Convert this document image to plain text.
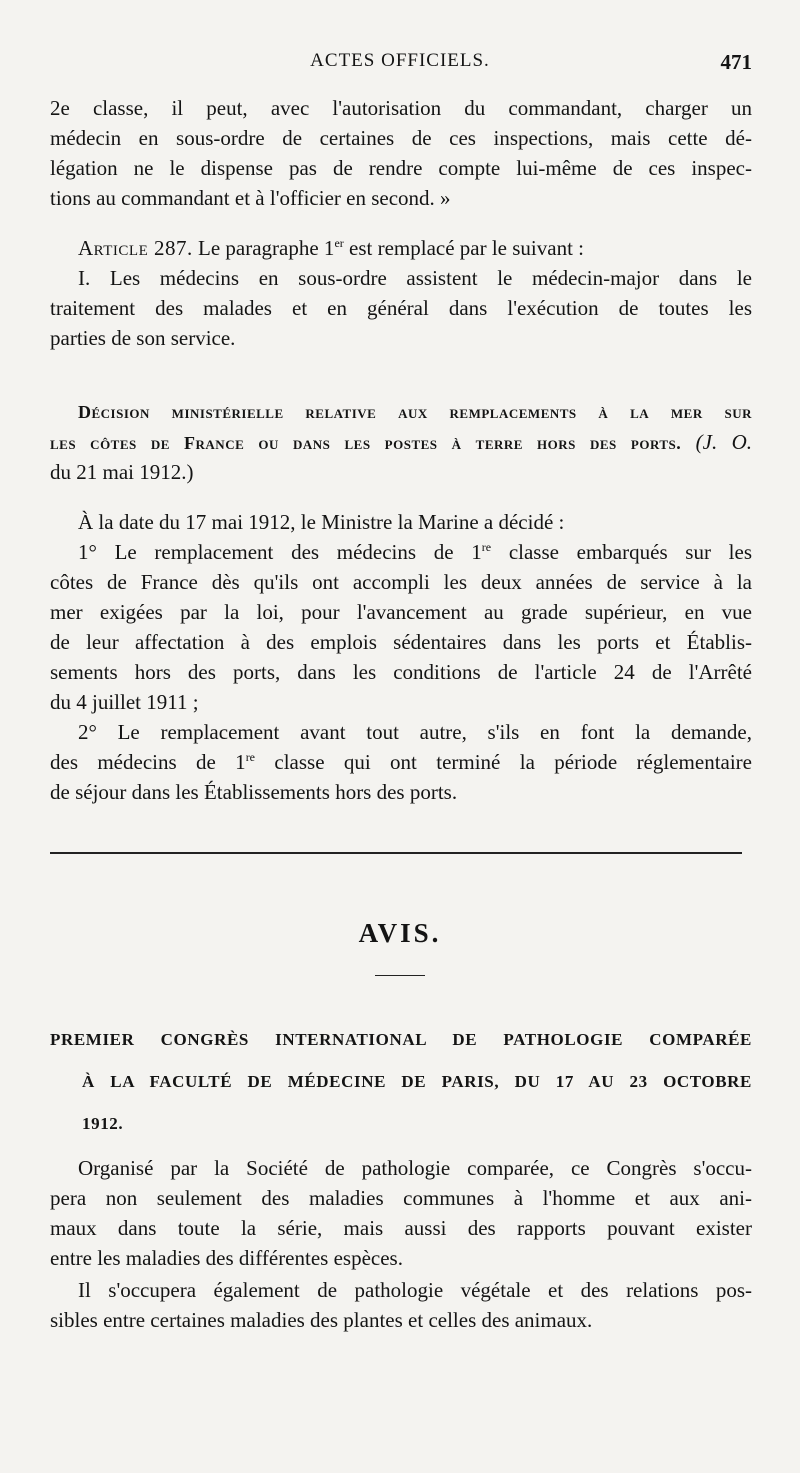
ACTES OFFICIELS.	471
2e classe, il peut, avec l'autorisation du commandant, charger un
médecin en sous-ordre de certaines de ces inspections, mais cette dé-
légation ne le dispense pas de rendre compte lui-même de ces inspec-
tions au commandant et à l'officier en second. »
Article 287. Le paragraphe 1er est remplacé par le suivant :
I. Les médecins en sous-ordre assistent le médecin-major dans le
traitement des malades et en général dans l'exécution de toutes les
parties de son service.
Décision ministérielle relative aux remplacements à la mer sur
les côtes de France ou dans les postes à terre hors des ports. (J. O.
du 21 mai 1912.)
À la date du 17 mai 1912, le Ministre la Marine a décidé :
1° Le remplacement des médecins de 1re classe embarqués sur les
côtes de France dès qu'ils ont accompli les deux années de service à la
mer exigées par la loi, pour l'avancement au grade supérieur, en vue
de leur affectation à des emplois sédentaires dans les ports et Établis-
sements hors des ports, dans les conditions de l'article 24 de l'Arrêté
du 4 juillet 1911 ;
2° Le remplacement avant tout autre, s'ils en font la demande,
des médecins de 1re classe qui ont terminé la période réglementaire
de séjour dans les Établissements hors des ports.
AVIS.
PREMIER CONGRÈS INTERNATIONAL DE PATHOLOGIE COMPARÉE
À LA FACULTÉ DE MÉDECINE DE PARIS, DU 17 AU 23 OCTOBRE
1912.
Organisé par la Société de pathologie comparée, ce Congrès s'occu-
pera non seulement des maladies communes à l'homme et aux ani-
maux dans toute la série, mais aussi des rapports pouvant exister
entre les maladies des différentes espèces.
Il s'occupera également de pathologie végétale et des relations pos-
sibles entre certaines maladies des plantes et celles des animaux.
